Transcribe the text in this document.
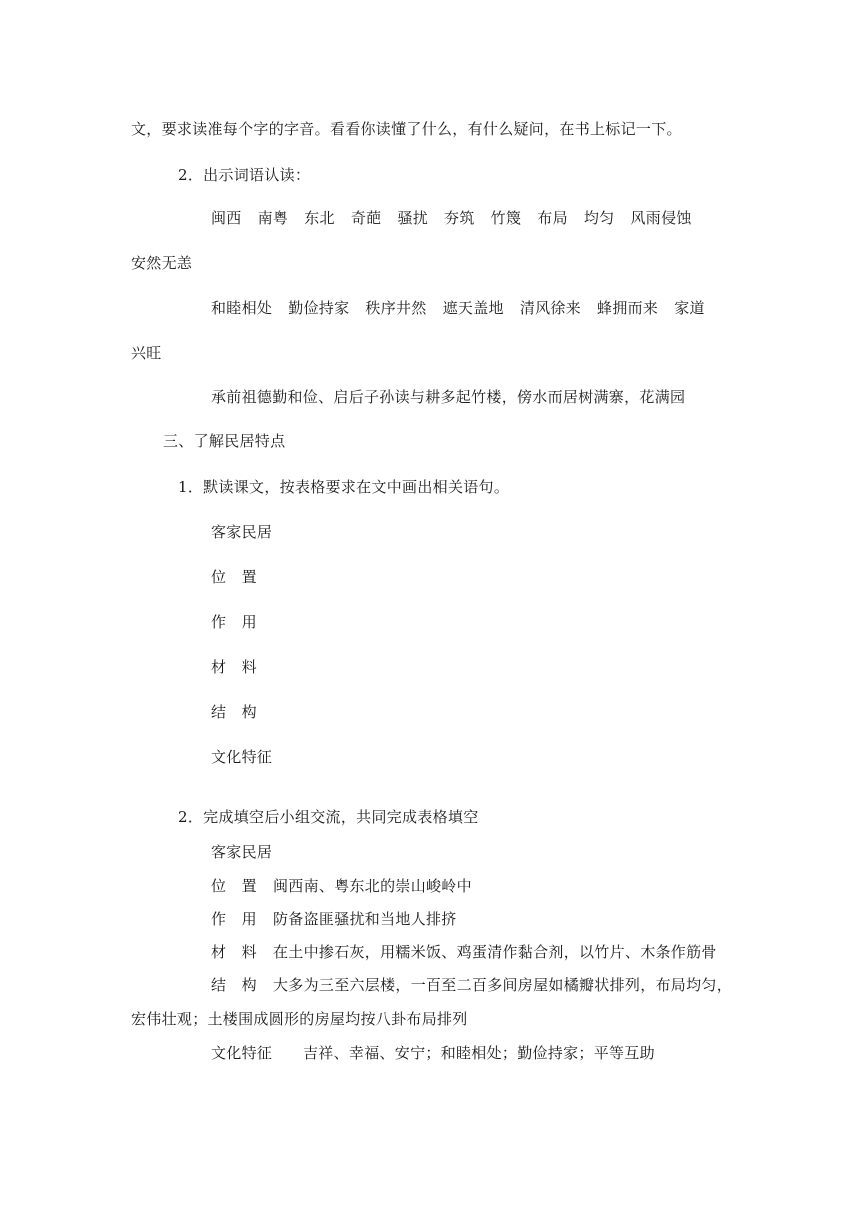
文，要求读准每个字的字音。看看你读懂了什么，有什么疑问，在书上标记一下。
2．出示词语认读：
闽西 南粤 东北 奇葩 骚扰 夯筑 竹篾 布局 均匀 风雨侵蚀
安然无恙
和睦相处 勤俭持家 秩序井然 遮天盖地 清风徐来 蜂拥而来 家道
兴旺
承前祖德勤和俭、启后子孙读与耕多起竹楼，傍水而居树满寨，花满园
三、了解民居特点
1．默读课文，按表格要求在文中画出相关语句。
客家民居
位　置
作　用
材　料
结　构
文化特征
2．完成填空后小组交流，共同完成表格填空
客家民居
位　置 闽西南、粤东北的崇山峻岭中
作　用 防备盗匪骚扰和当地人排挤
材　料 在土中掺石灰，用糯米饭、鸡蛋清作黏合剂，以竹片、木条作筋骨
结　构 大多为三至六层楼，一百至二百多间房屋如橘瓣状排列，布局均匀，
宏伟壮观；土楼围成圆形的房屋均按八卦布局排列
文化特征 吉祥、幸福、安宁；和睦相处；勤俭持家；平等互助
